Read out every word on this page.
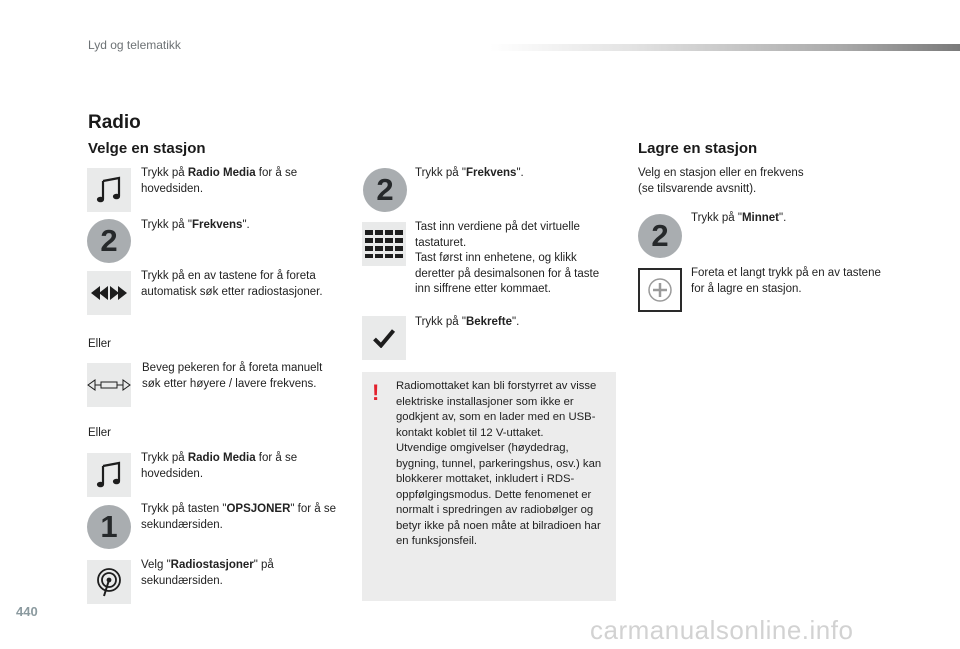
Lyd og telematikk
Radio
Velge en stasjon
Trykk på Radio Media for å se hovedsiden.
2	Trykk på "Frekvens".
Trykk på en av tastene for å foreta automatisk søk etter radiostasjoner.
Eller
Beveg pekeren for å foreta manuelt søk etter høyere / lavere frekvens.
Eller
Trykk på Radio Media for å se hovedsiden.
1	Trykk på tasten "OPSJONER" for å se sekundærsiden.
Velg "Radiostasjoner" på sekundærsiden.
2	Trykk på "Frekvens".
Tast inn verdiene på det virtuelle tastaturet.
Tast først inn enhetene, og klikk deretter på desimalsonen for å taste inn siffrene etter kommaet.
Trykk på "Bekrefte".
! Radiomottaket kan bli forstyrret av visse elektriske installasjoner som ikke er godkjent av, som en lader med en USB-kontakt koblet til 12 V-uttaket.
Utvendige omgivelser (høydedrag, bygning, tunnel, parkeringshus, osv.) kan blokkerer mottaket, inkludert i RDS-oppfølgingsmodus. Dette fenomenet er normalt i spredringen av radiobølger og betyr ikke på noen måte at bilradioen har en funksjonsfeil.
Lagre en stasjon
Velg en stasjon eller en frekvens
(se tilsvarende avsnitt).
2	Trykk på "Minnet".
Foreta et langt trykk på en av tastene for å lagre en stasjon.
440
carmanualsonline.info
